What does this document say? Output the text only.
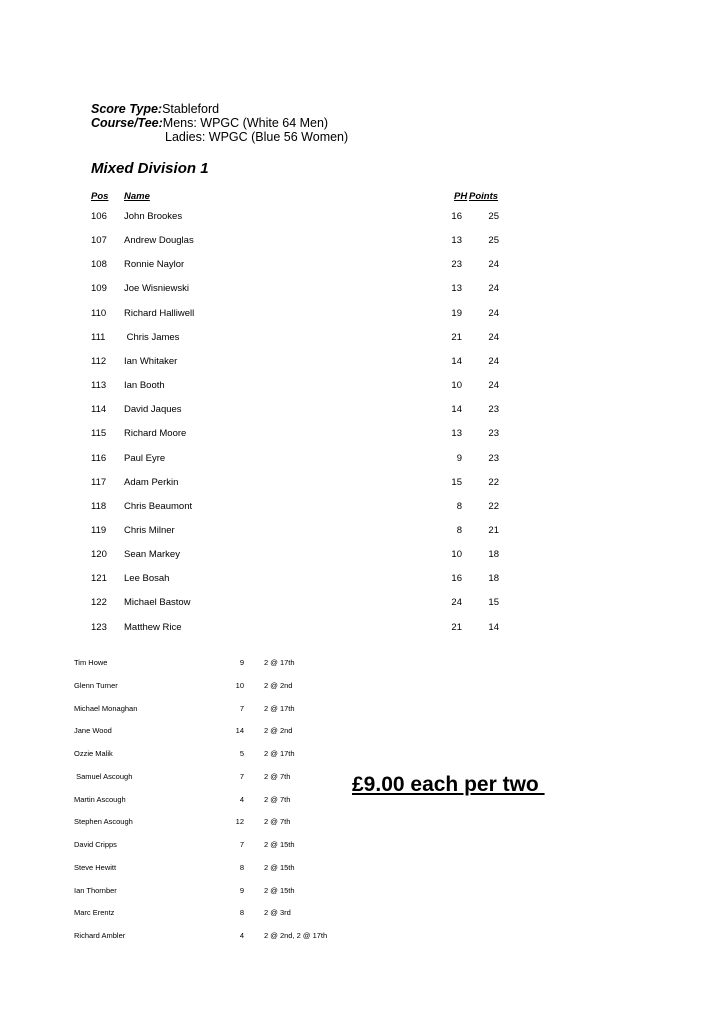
Score Type:Stableford
Course/Tee:Mens: WPGC (White 64 Men)
Ladies: WPGC (Blue 56 Women)
Mixed Division 1
Pos Name	PH Points
106 John Brookes	16	25
107 Andrew Douglas	13	25
108 Ronnie Naylor	23	24
109 Joe Wisniewski	13	24
110 Richard Halliwell	19	24
111 Chris James	21	24
112 Ian Whitaker	14	24
113 Ian Booth	10	24
114 David Jaques	14	23
115 Richard Moore	13	23
116 Paul Eyre	9	23
117 Adam Perkin	15	22
118 Chris Beaumont	8	22
119 Chris Milner	8	21
120 Sean Markey	10	18
121 Lee Bosah	16	18
122 Michael Bastow	24	15
123 Matthew Rice	21	14
Tim Howe	9	2 @ 17th
Glenn Turner	10	2 @ 2nd
Michael Monaghan	7	2 @ 17th
Jane Wood	14	2 @ 2nd
Ozzie Malik	5	2 @ 17th
Samuel Ascough	7	2 @ 7th
Martin Ascough	4	2 @ 7th
Stephen Ascough	12	2 @ 7th
David Cripps	7	2 @ 15th
Steve Hewitt	8	2 @ 15th
Ian Thornber	9	2 @ 15th
Marc Erentz	8	2 @ 3rd
Richard Ambler	4	2 @ 2nd, 2 @ 17th
£9.00 each per two
